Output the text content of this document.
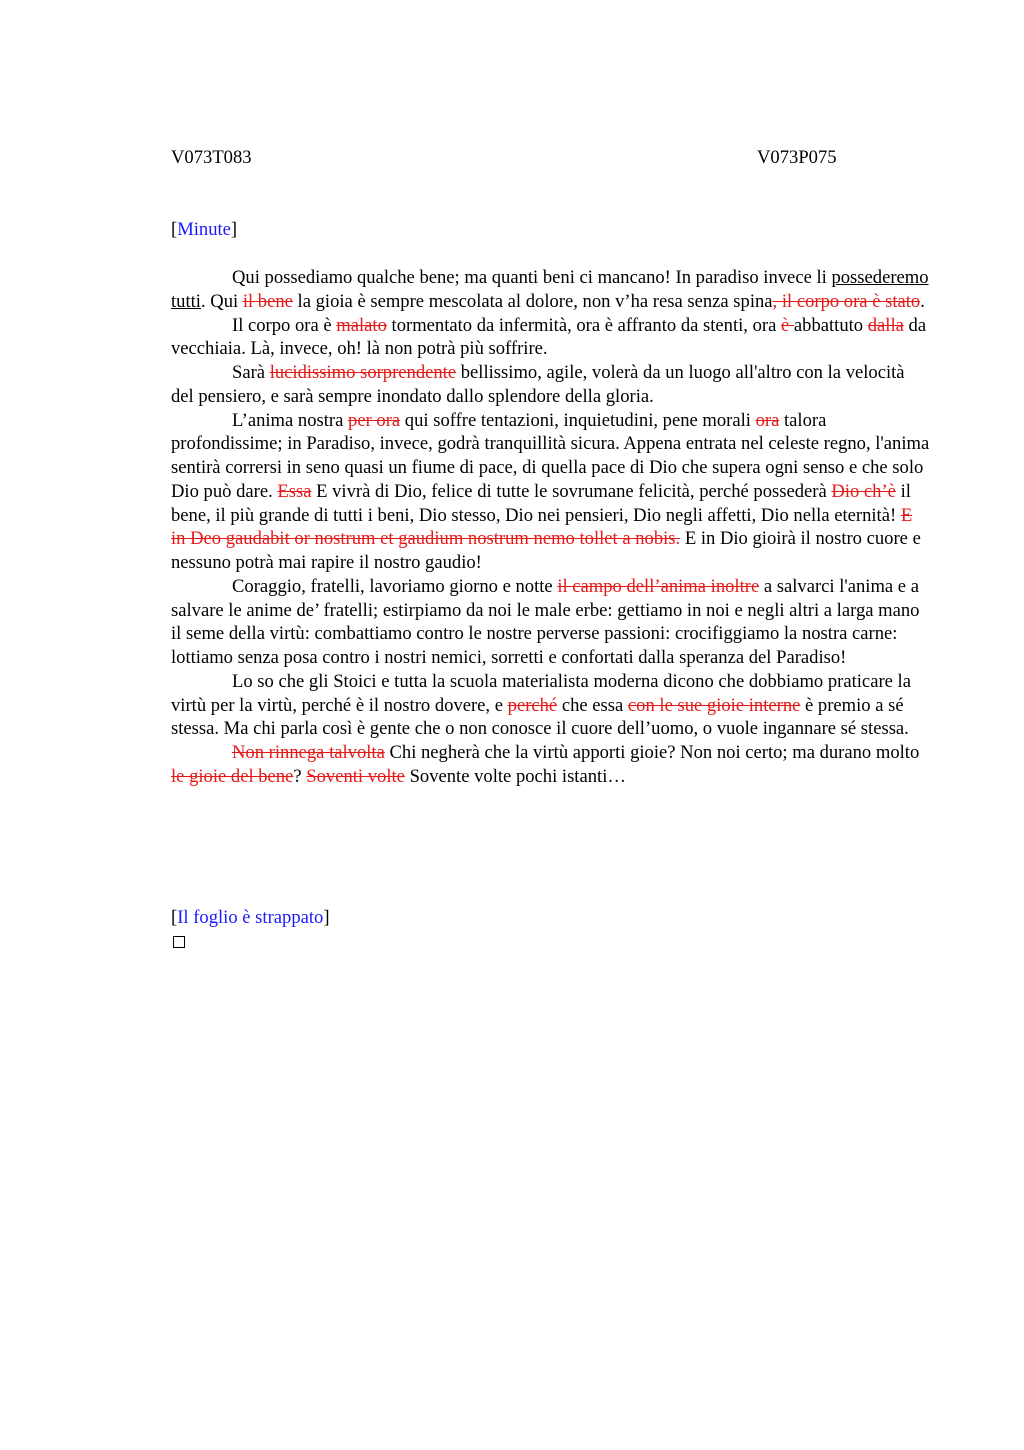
V073T083	V073P075
[Minute]

Qui possediamo qualche bene; ma quanti beni ci mancano! In paradiso invece li possederemo tutti. Qui il bene la gioia è sempre mescolata al dolore, non v’ha resa senza spina, il corpo ora è stato.

Il corpo ora è malato tormentato da infermità, ora è affranto da stenti, ora è abbattuto dalla da vecchiaia. Là, invece, oh! là non potrà più soffrire.

Sarà lucidissimo sorprendente bellissimo, agile, volerà da un luogo all'altro con la velocità del pensiero, e sarà sempre inondato dallo splendore della gloria.

L’anima nostra per ora qui soffre tentazioni, inquietudini, pene morali ora talora profondissime; in Paradiso, invece, godrà tranquillità sicura. Appena entrata nel celeste regno, l'anima sentirà corrersi in seno quasi un fiume di pace, di quella pace di Dio che supera ogni senso e che solo Dio può dare. Essa E vivrà di Dio, felice di tutte le sovrumane felicità, perché possederà Dio ch’è il bene, il più grande di tutti i beni, Dio stesso, Dio nei pensieri, Dio negli affetti, Dio nella eternità! E in Deo gaudabit or nostrum et gaudium nostrum nemo tollet a nobis. E in Dio gioirà il nostro cuore e nessuno potrà mai rapire il nostro gaudio!

Coraggio, fratelli, lavoriamo giorno e notte il campo dell’anima inoltre a salvarci l'anima e a salvare le anime de’ fratelli; estirpiamo da noi le male erbe: gettiamo in noi e negli altri a larga mano il seme della virtù: combattiamo contro le nostre perverse passioni: crocifiggiamo la nostra carne: lottiamo senza posa contro i nostri nemici, sorretti e confortati dalla speranza del Paradiso!

Lo so che gli Stoici e tutta la scuola materialista moderna dicono che dobbiamo praticare la virtù per la virtù, perché è il nostro dovere, e perché che essa con le sue gioie interne è premio a sé stessa. Ma chi parla così è gente che o non conosce il cuore dell’uomo, o vuole ingannare sé stessa.

Non rinnega talvolta Chi negherà che la virtù apporti gioie? Non noi certo; ma durano molto le gioie del bene? Soventi volte Sovente volte pochi istanti…

[Il foglio è strappato]
